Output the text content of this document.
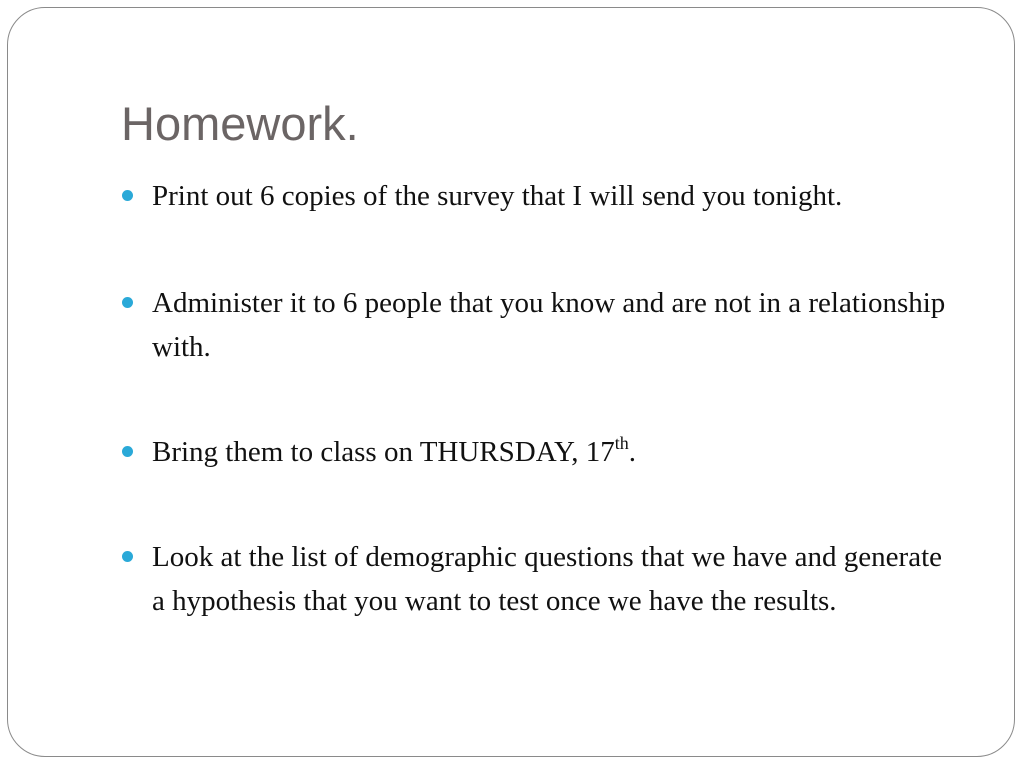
Homework.
Print out 6 copies of the survey that I will send you tonight.
Administer it to 6 people that you know and are not in a relationship with.
Bring them to class on THURSDAY, 17th.
Look at the list of demographic questions that we have and generate a hypothesis that you want to test once we have the results.
